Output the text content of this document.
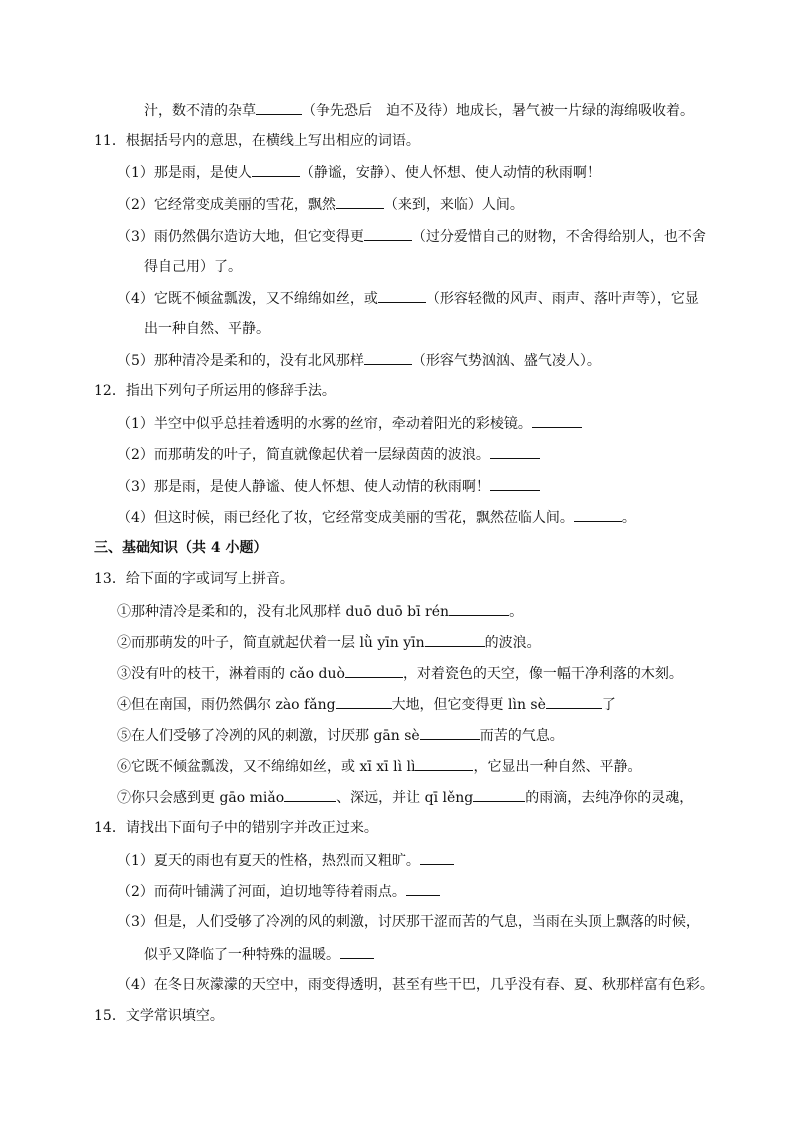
汁，数不清的杂草	（争先恐后　迫不及待）地成长，暑气被一片绿的海绵吸收着。
11．根据括号内的意思，在横线上写出相应的词语。
（1）那是雨，是使人	（静谧，安静）、使人怀想、使人动情的秋雨啊！
（2）它经常变成美丽的雪花，飘然	（来到，来临）人间。
（3）雨仍然偶尔造访大地，但它变得更	（过分爱惜自己的财物，不舍得给别人，也不舍
得自己用）了。
（4）它既不倾盆瓢泼，又不绵绵如丝，或	（形容轻微的风声、雨声、落叶声等），它显
出一种自然、平静。
（5）那种清冷是柔和的，没有北风那样	（形容气势汹汹、盛气凌人）。
12．指出下列句子所运用的修辞手法。
（1）半空中似乎总挂着透明的水雾的丝帘，牵动着阳光的彩棱镜。
（2）而那萌发的叶子，简直就像起伏着一层绿茵茵的波浪。
（3）那是雨，是使人静谧、使人怀想、使人动情的秋雨啊！
（4）但这时候，雨已经化了妆，它经常变成美丽的雪花，飘然莅临人间。	。
三、基础知识（共 4 小题）
13．给下面的字或词写上拼音。
①那种清冷是柔和的，没有北风那样 duō duō bī rén	。
②而那萌发的叶子，简直就起伏着一层 lǜ yīn yīn	的波浪。
③没有叶的枝干，淋着雨的 cǎo duò	，对着瓷色的天空，像一幅干净利落的木刻。
④但在南国，雨仍然偶尔 zào fǎng	大地，但它变得更 lìn sè	了
⑤在人们受够了冷冽的风的刺激，讨厌那 gān sè	而苦的气息。
⑥它既不倾盆瓢泼，又不绵绵如丝，或 xī xī lì lì	，它显出一种自然、平静。
⑦你只会感到更 gāo miǎo	、深远，并让 qī lěng	的雨滴，去纯净你的灵魂，
14．请找出下面句子中的错别字并改正过来。
（1）夏天的雨也有夏天的性格，热烈而又粗旷。
（2）而荷叶铺满了河面，迫切地等待着雨点。
（3）但是，人们受够了冷冽的风的刺激，讨厌那干涩而苦的气息，当雨在头顶上飘落的时候，
似乎又降临了一种特殊的温暖。
（4）在冬日灰濛濛的天空中，雨变得透明，甚至有些干巴，几乎没有春、夏、秋那样富有色彩。
15．文学常识填空。
